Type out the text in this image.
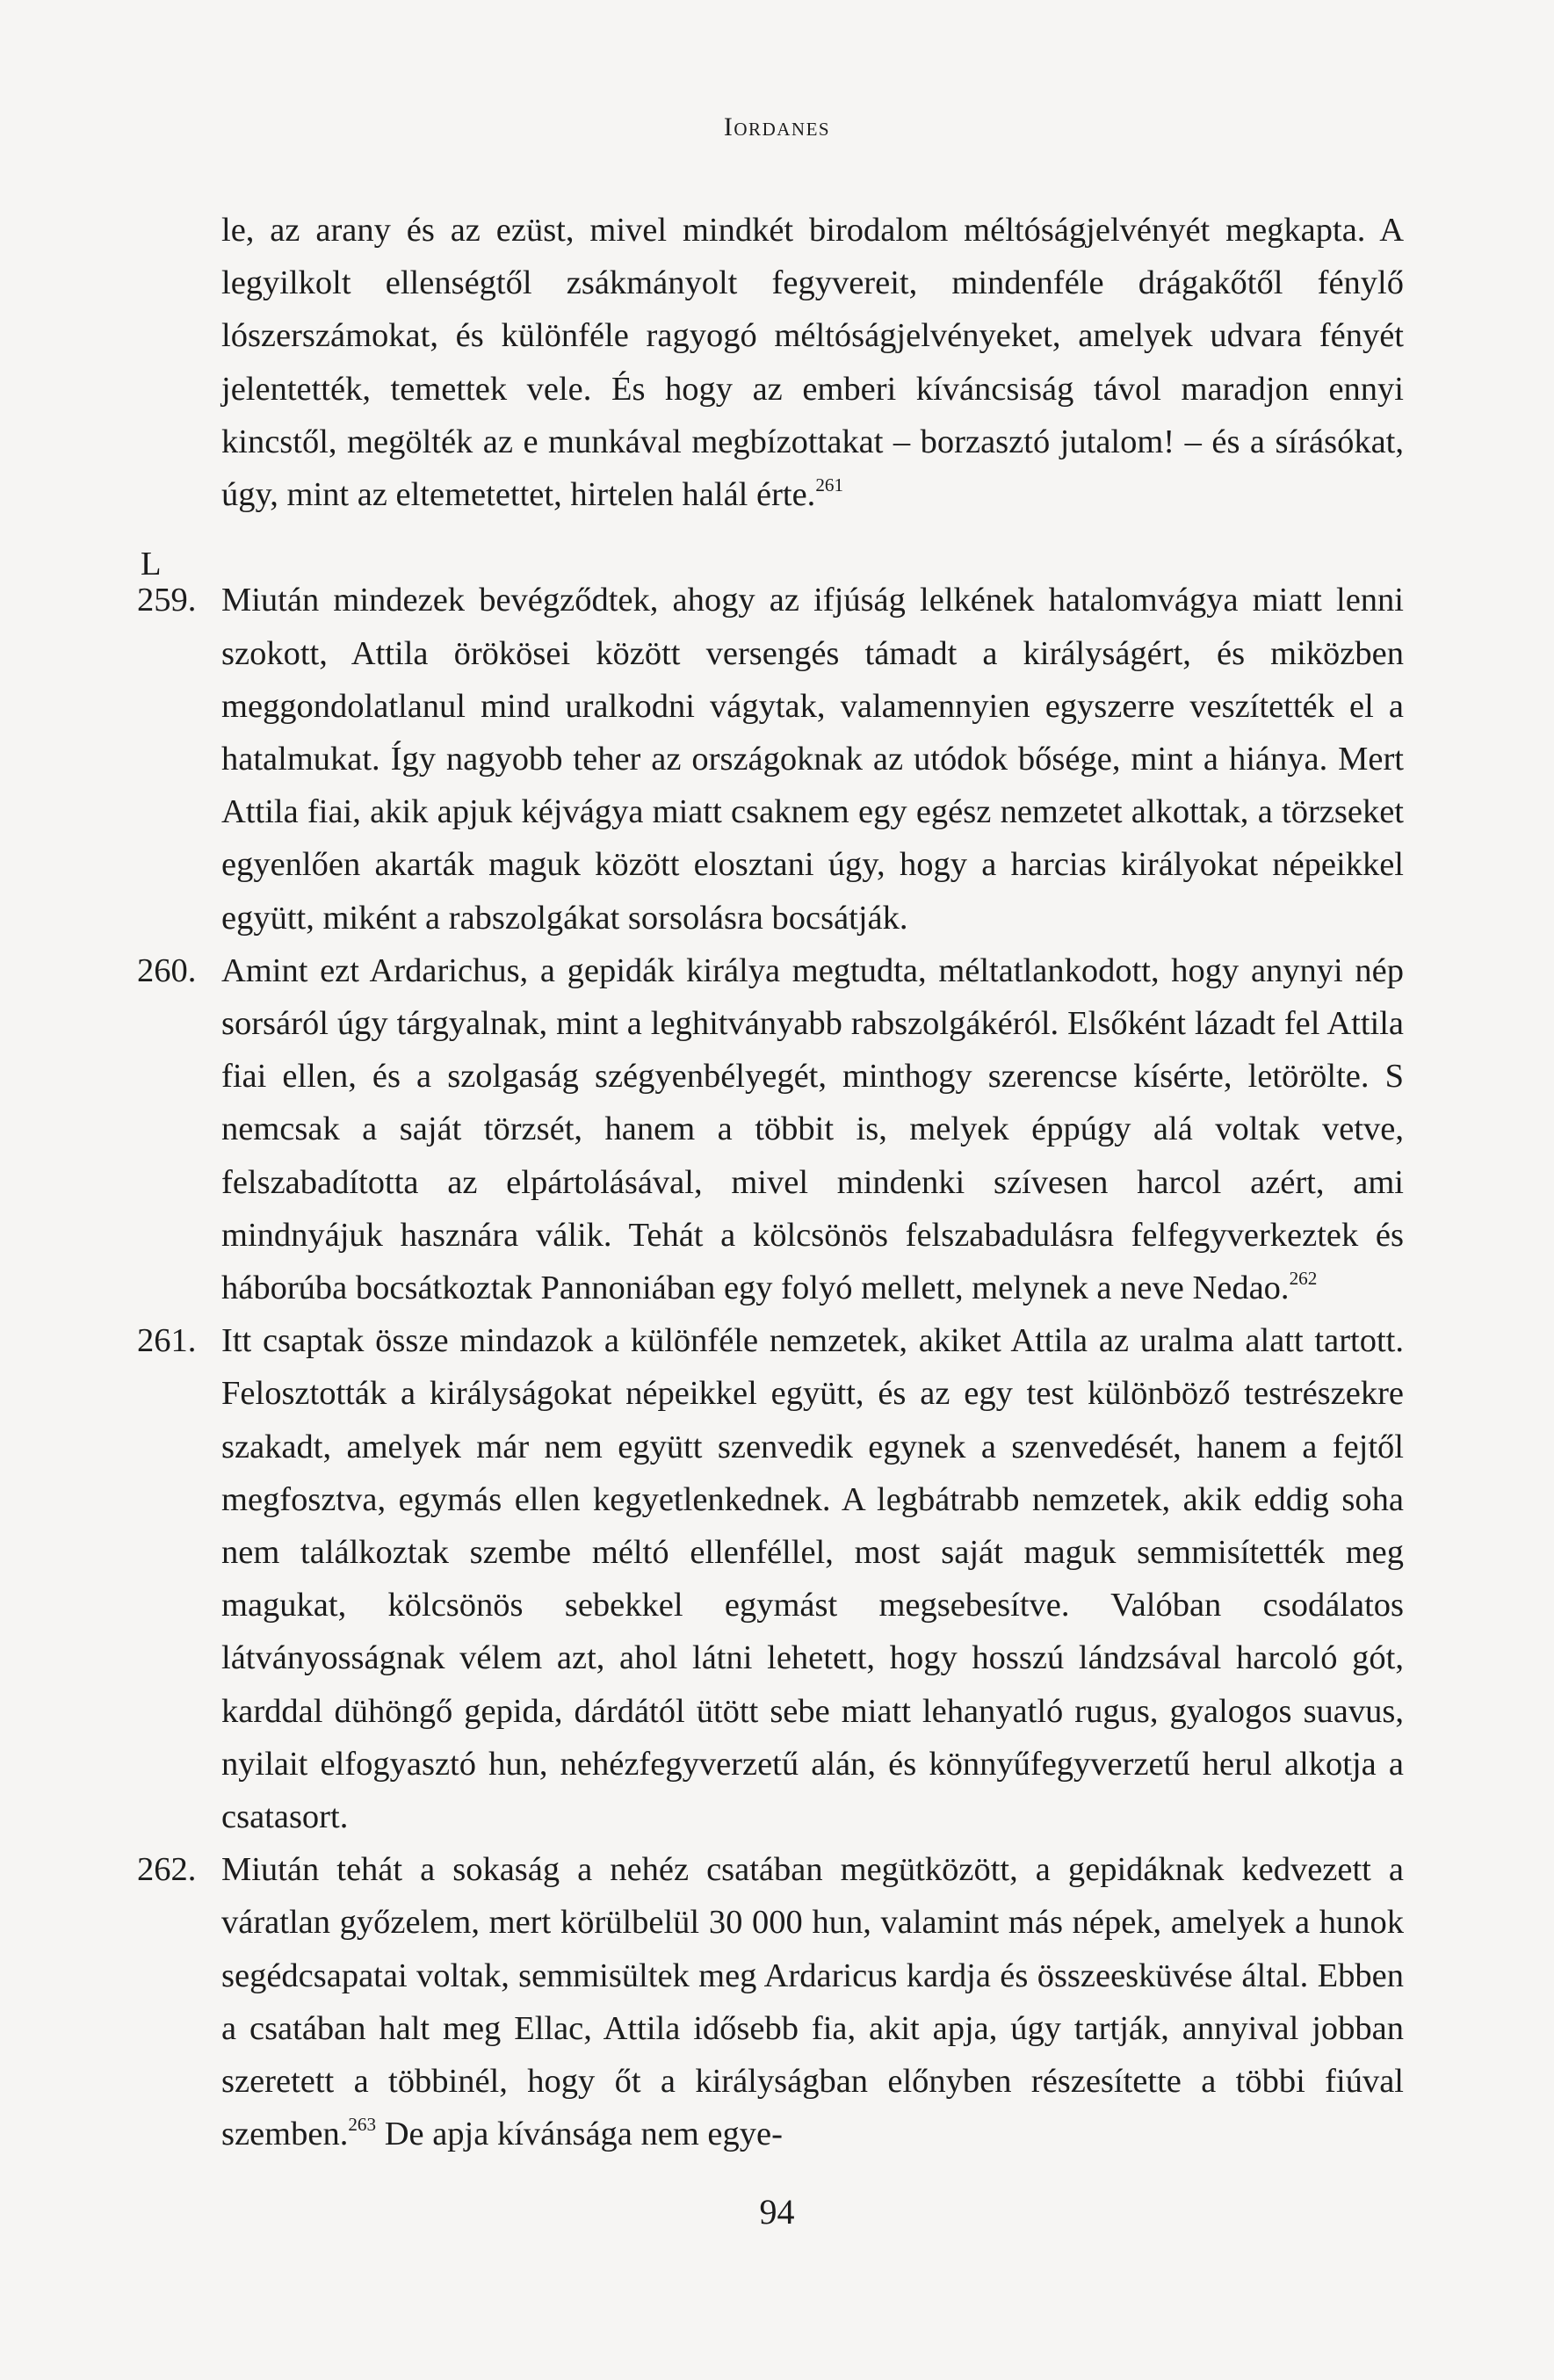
Iordanes
L

le, az arany és az ezüst, mivel mindkét birodalom méltóságjelvényét megkapta. A legyilkolt ellenségtől zsákmányolt fegyvereit, mindenféle drágakőtől fénylő lószerszámokat, és különféle ragyogó méltóságjelvényeket, amelyek udvara fényét jelentették, temettek vele. És hogy az emberi kíváncsiság távol maradjon ennyi kincstől, megölték az e munkával megbízottakat – borzasztó jutalom! – és a sírásókat, úgy, mint az eltemetettet, hirtelen halál érte.$^{261}$

259. Miután mindezek bevégződtek, ahogy az ifjúság lelkének hatalomvágya miatt lenni szokott, Attila örökösei között versengés támadt a királyságért, és miközben meggondolatlanul mind uralkodni vágytak, valamennyien egyszerre veszítették el a hatalmukat. Így nagyobb teher az országoknak az utódok bősége, mint a hiánya. Mert Attila fiai, akik apjuk kéjvágya miatt csaknem egy egész nemzetet alkottak, a törzseket egyenlően akarták maguk között elosztani úgy, hogy a harcias királyokat népeikkel együtt, miként a rabszolgákat sorsolásra bocsátják.

260. Amint ezt Ardarichus, a gepidák királya megtudta, méltatlankodott, hogy anynyi nép sorsáról úgy tárgyalnak, mint a leghitványabb rabszolgákéról. Elsőként lázadt fel Attila fiai ellen, és a szolgaság szégyenbélyegét, minthogy szerencse kísérte, letörölte. S nemcsak a saját törzsét, hanem a többit is, melyek éppúgy alá voltak vetve, felszabadította az elpártolásával, mivel mindenki szívesen harcol azért, ami mindnyájuk hasznára válik. Tehát a kölcsönös felszabadulásra felfegyverkeztek és háborúba bocsátkoztak Pannoniában egy folyó mellett, melynek a neve Nedao.$^{262}$

261. Itt csaptak össze mindazok a különféle nemzetek, akiket Attila az uralma alatt tartott. Felosztották a királyságokat népeikkel együtt, és az egy test különböző testrészekre szakadt, amelyek már nem együtt szenvedik egynek a szenvedését, hanem a fejtől megfosztva, egymás ellen kegyetlenkednek. A legbátrabb nemzetek, akik eddig soha nem találkoztak szembe méltó ellenféllel, most saját maguk semmisítették meg magukat, kölcsönös sebekkel egymást megsebesítve. Valóban csodálatos látványosságnak vélem azt, ahol látni lehetett, hogy hosszú lándzsával harcoló gót, karddal dühöngő gepida, dárdától ütött sebe miatt lehanyatló rugus, gyalogos suavus, nyilait elfogyasztó hun, nehézfegyverzetű alán, és könnyűfegyverzetű herul alkotja a csatasort.

262. Miután tehát a sokaság a nehéz csatában megütközött, a gepidáknak kedvezett a váratlan győzelem, mert körülbelül 30 000 hun, valamint más népek, amelyek a hunok segédcsapatai voltak, semmisültek meg Ardaricus kardja és összeesküvése által. Ebben a csatában halt meg Ellac, Attila idősebb fia, akit apja, úgy tartják, annyival jobban szeretett a többinél, hogy őt a királyságban előnyben részesítette a többi fiúval szemben.$^{263}$ De apja kívánsága nem egye-

94
